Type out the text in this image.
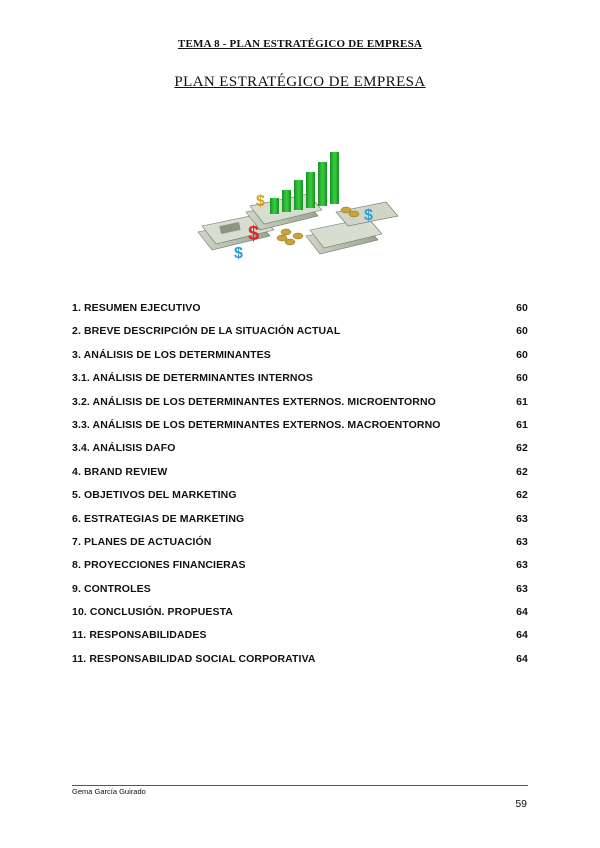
TEMA 8 - PLAN ESTRATÉGICO DE EMPRESA
PLAN ESTRATÉGICO DE EMPRESA
$
$
$
$
1. RESUMEN EJECUTIVO	60
2. BREVE DESCRIPCIÓN DE LA SITUACIÓN ACTUAL	60
3. ANÁLISIS DE LOS DETERMINANTES	60
3.1. ANÁLISIS DE DETERMINANTES INTERNOS	60
3.2. ANÁLISIS DE LOS DETERMINANTES EXTERNOS. MICROENTORNO	61
3.3. ANÁLISIS DE LOS DETERMINANTES EXTERNOS. MACROENTORNO	61
3.4. ANÁLISIS DAFO	62
4. BRAND REVIEW	62
5. OBJETIVOS DEL MARKETING	62
6. ESTRATEGIAS DE MARKETING	63
7. PLANES DE ACTUACIÓN	63
8. PROYECCIONES FINANCIERAS	63
9. CONTROLES	63
10. CONCLUSIÓN. PROPUESTA	64
11. RESPONSABILIDADES	64
11. RESPONSABILIDAD SOCIAL CORPORATIVA	64
Gema García Guirado
59
